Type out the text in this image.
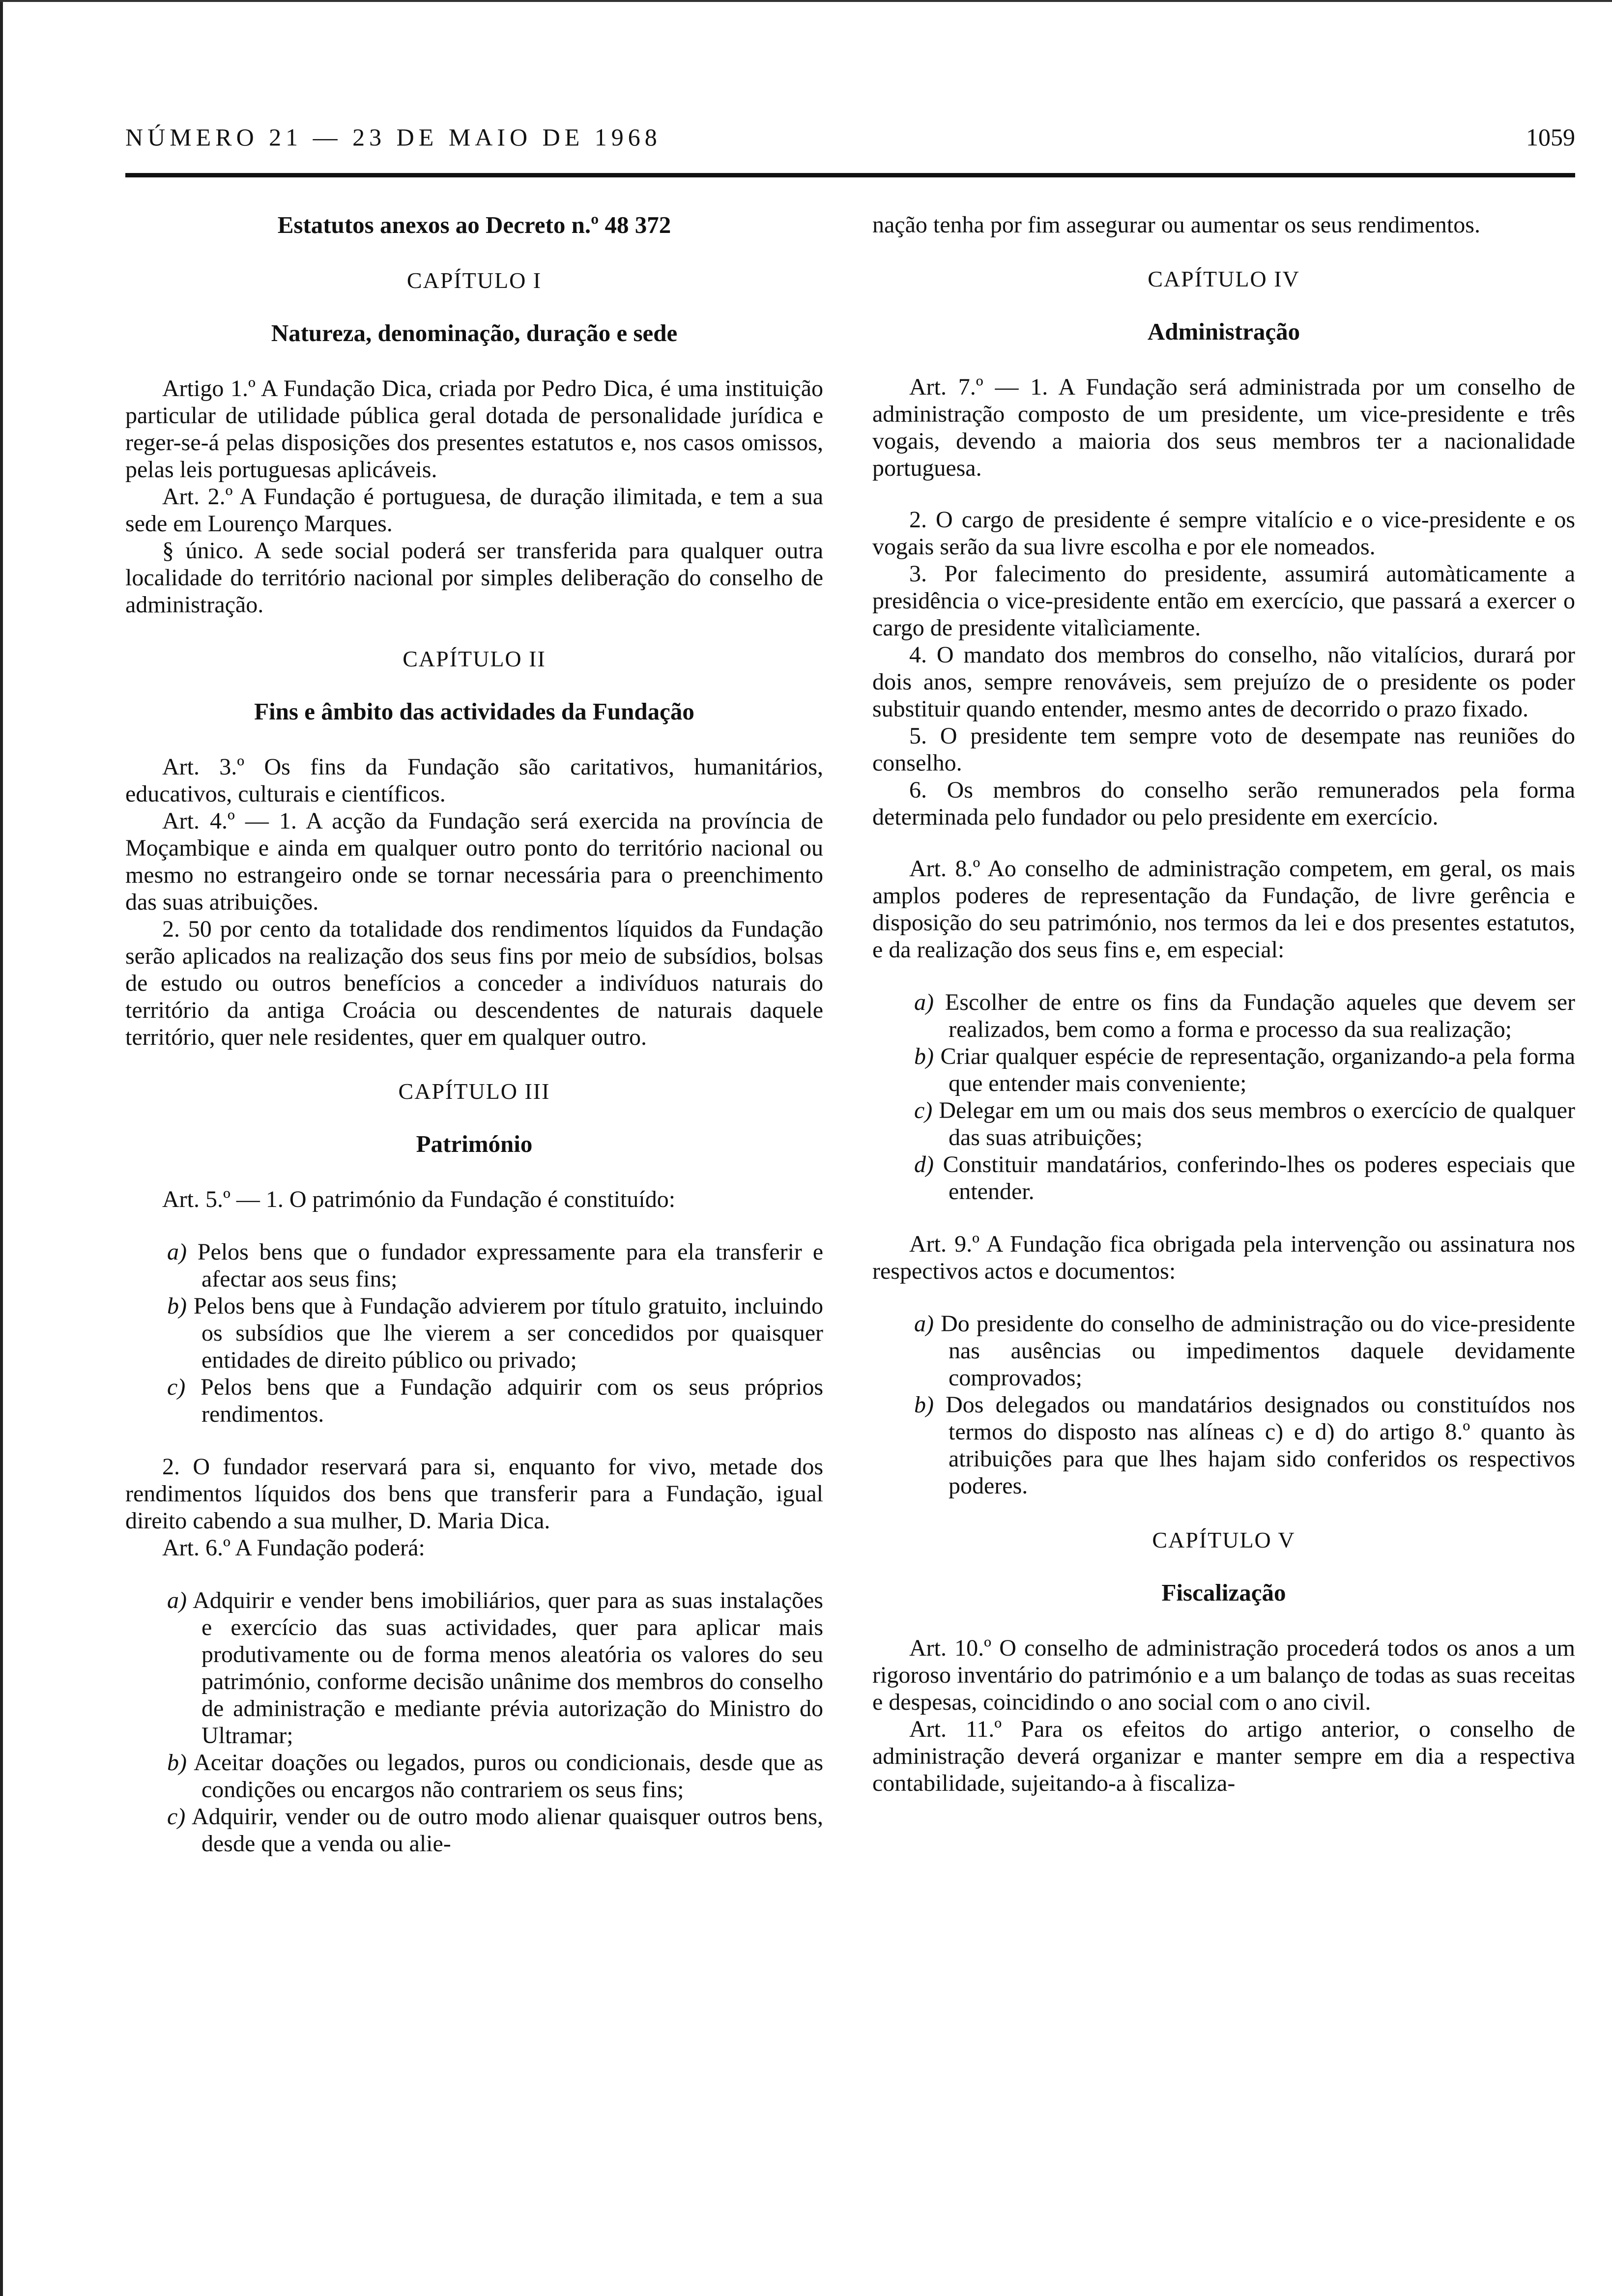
NÚMERO 21 — 23 DE MAIO DE 1968	1059
Estatutos anexos ao Decreto n.º 48 372
CAPÍTULO I
Natureza, denominação, duração e sede

Artigo 1.º A Fundação Dica, criada por Pedro Dica, é uma instituição particular de utilidade pública geral dotada de personalidade jurídica e reger-se-á pelas disposições dos presentes estatutos e, nos casos omissos, pelas leis portuguesas aplicáveis.

Art. 2.º A Fundação é portuguesa, de duração ilimitada, e tem a sua sede em Lourenço Marques.

§ único. A sede social poderá ser transferida para qualquer outra localidade do território nacional por simples deliberação do conselho de administração.

CAPÍTULO II
Fins e âmbito das actividades da Fundação

Art. 3.º Os fins da Fundação são caritativos, humanitários, educativos, culturais e científicos.

Art. 4.º — 1. A acção da Fundação será exercida na província de Moçambique e ainda em qualquer outro ponto do território nacional ou mesmo no estrangeiro onde se tornar necessária para o preenchimento das suas atribuições.

2. 50 por cento da totalidade dos rendimentos líquidos da Fundação serão aplicados na realização dos seus fins por meio de subsídios, bolsas de estudo ou outros benefícios a conceder a indivíduos naturais do território da antiga Croácia ou descendentes de naturais daquele território, quer nele residentes, quer em qualquer outro.

CAPÍTULO III
Património

Art. 5.º — 1. O património da Fundação é constituído:

a) Pelos bens que o fundador expressamente para ela transferir e afectar aos seus fins;

b) Pelos bens que à Fundação advierem por título gratuito, incluindo os subsídios que lhe vierem a ser concedidos por quaisquer entidades de direito público ou privado;

c) Pelos bens que a Fundação adquirir com os seus próprios rendimentos.

2. O fundador reservará para si, enquanto for vivo, metade dos rendimentos líquidos dos bens que transferir para a Fundação, igual direito cabendo a sua mulher, D. Maria Dica.

Art. 6.º A Fundação poderá:

a) Adquirir e vender bens imobiliários, quer para as suas instalações e exercício das suas actividades, quer para aplicar mais produtivamente ou de forma menos aleatória os valores do seu património, conforme decisão unânime dos membros do conselho de administração e mediante prévia autorização do Ministro do Ultramar;

b) Aceitar doações ou legados, puros ou condicionais, desde que as condições ou encargos não contrariem os seus fins;

c) Adquirir, vender ou de outro modo alienar quaisquer outros bens, desde que a venda ou alie-

nação tenha por fim assegurar ou aumentar os seus rendimentos.

CAPÍTULO IV
Administração

Art. 7.º — 1. A Fundação será administrada por um conselho de administração composto de um presidente, um vice-presidente e três vogais, devendo a maioria dos seus membros ter a nacionalidade portuguesa.

2. O cargo de presidente é sempre vitalício e o vice-presidente e os vogais serão da sua livre escolha e por ele nomeados.

3. Por falecimento do presidente, assumirá automàticamente a presidência o vice-presidente então em exercício, que passará a exercer o cargo de presidente vitalìciamente.

4. O mandato dos membros do conselho, não vitalícios, durará por dois anos, sempre renováveis, sem prejuízo de o presidente os poder substituir quando entender, mesmo antes de decorrido o prazo fixado.

5. O presidente tem sempre voto de desempate nas reuniões do conselho.

6. Os membros do conselho serão remunerados pela forma determinada pelo fundador ou pelo presidente em exercício.

Art. 8.º Ao conselho de administração competem, em geral, os mais amplos poderes de representação da Fundação, de livre gerência e disposição do seu património, nos termos da lei e dos presentes estatutos, e da realização dos seus fins e, em especial:

a) Escolher de entre os fins da Fundação aqueles que devem ser realizados, bem como a forma e processo da sua realização;

b) Criar qualquer espécie de representação, organizando-a pela forma que entender mais conveniente;

c) Delegar em um ou mais dos seus membros o exercício de qualquer das suas atribuições;

d) Constituir mandatários, conferindo-lhes os poderes especiais que entender.

Art. 9.º A Fundação fica obrigada pela intervenção ou assinatura nos respectivos actos e documentos:

a) Do presidente do conselho de administração ou do vice-presidente nas ausências ou impedimentos daquele devidamente comprovados;

b) Dos delegados ou mandatários designados ou constituídos nos termos do disposto nas alíneas c) e d) do artigo 8.º quanto às atribuições para que lhes hajam sido conferidos os respectivos poderes.

CAPÍTULO V
Fiscalização

Art. 10.º O conselho de administração procederá todos os anos a um rigoroso inventário do património e a um balanço de todas as suas receitas e despesas, coincidindo o ano social com o ano civil.

Art. 11.º Para os efeitos do artigo anterior, o conselho de administração deverá organizar e manter sempre em dia a respectiva contabilidade, sujeitando-a à fiscaliza-
